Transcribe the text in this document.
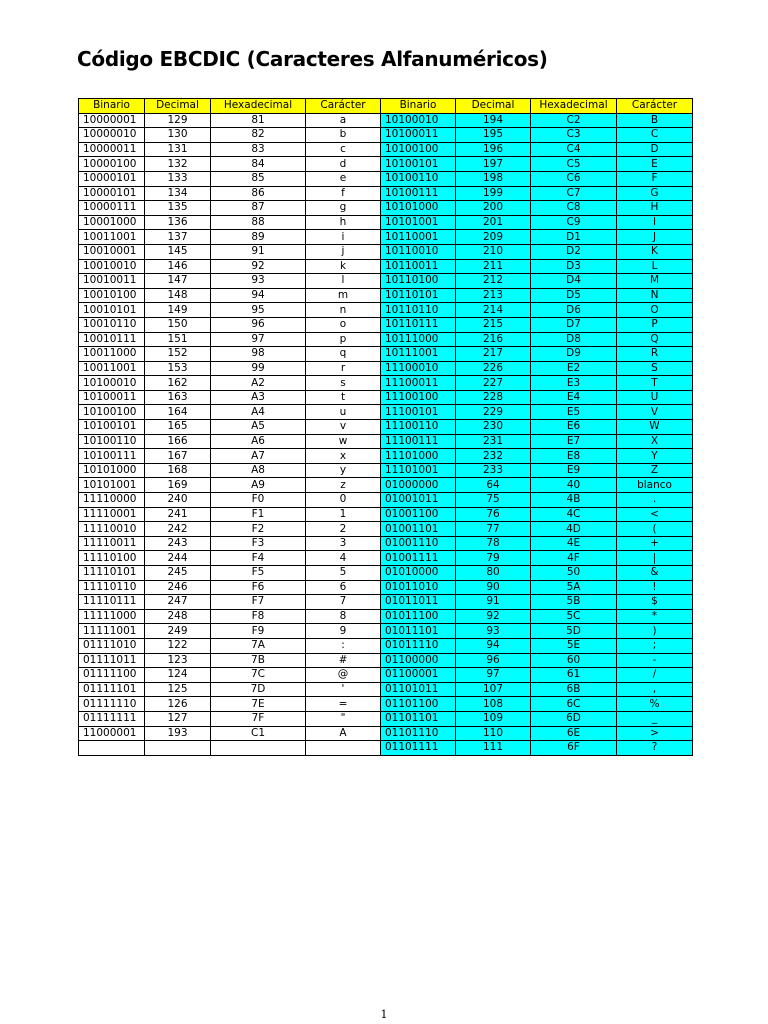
Código EBCDIC (Caracteres Alfanuméricos)
Binario	Decimal	Hexadecimal	Carácter	Binario	Decimal	Hexadecimal	Carácter
10000001	129	81	a	10100010	194	C2	B
10000010	130	82	b	10100011	195	C3	C
10000011	131	83	c	10100100	196	C4	D
10000100	132	84	d	10100101	197	C5	E
10000101	133	85	e	10100110	198	C6	F
10000101	134	86	f	10100111	199	C7	G
10000111	135	87	g	10101000	200	C8	H
10001000	136	88	h	10101001	201	C9	I
10011001	137	89	i	10110001	209	D1	J
10010001	145	91	j	10110010	210	D2	K
10010010	146	92	k	10110011	211	D3	L
10010011	147	93	l	10110100	212	D4	M
10010100	148	94	m	10110101	213	D5	N
10010101	149	95	n	10110110	214	D6	O
10010110	150	96	o	10110111	215	D7	P
10010111	151	97	p	10111000	216	D8	Q
10011000	152	98	q	10111001	217	D9	R
10011001	153	99	r	11100010	226	E2	S
10100010	162	A2	s	11100011	227	E3	T
10100011	163	A3	t	11100100	228	E4	U
10100100	164	A4	u	11100101	229	E5	V
10100101	165	A5	v	11100110	230	E6	W
10100110	166	A6	w	11100111	231	E7	X
10100111	167	A7	x	11101000	232	E8	Y
10101000	168	A8	y	11101001	233	E9	Z
10101001	169	A9	z	01000000	64	40	blanco
11110000	240	F0	0	01001011	75	4B	.
11110001	241	F1	1	01001100	76	4C	<
11110010	242	F2	2	01001101	77	4D	(
11110011	243	F3	3	01001110	78	4E	+
11110100	244	F4	4	01001111	79	4F	|
11110101	245	F5	5	01010000	80	50	&
11110110	246	F6	6	01011010	90	5A	!
11110111	247	F7	7	01011011	91	5B	$
11111000	248	F8	8	01011100	92	5C	*
11111001	249	F9	9	01011101	93	5D	)
01111010	122	7A	:	01011110	94	5E	;
01111011	123	7B	#	01100000	96	60	-
01111100	124	7C	@	01100001	97	61	/
01111101	125	7D	'	01101011	107	6B	,
01111110	126	7E	=	01101100	108	6C	%
01111111	127	7F	"	01101101	109	6D	_
11000001	193	C1	A	01101110	110	6E	>
				01101111	111	6F	?
1
